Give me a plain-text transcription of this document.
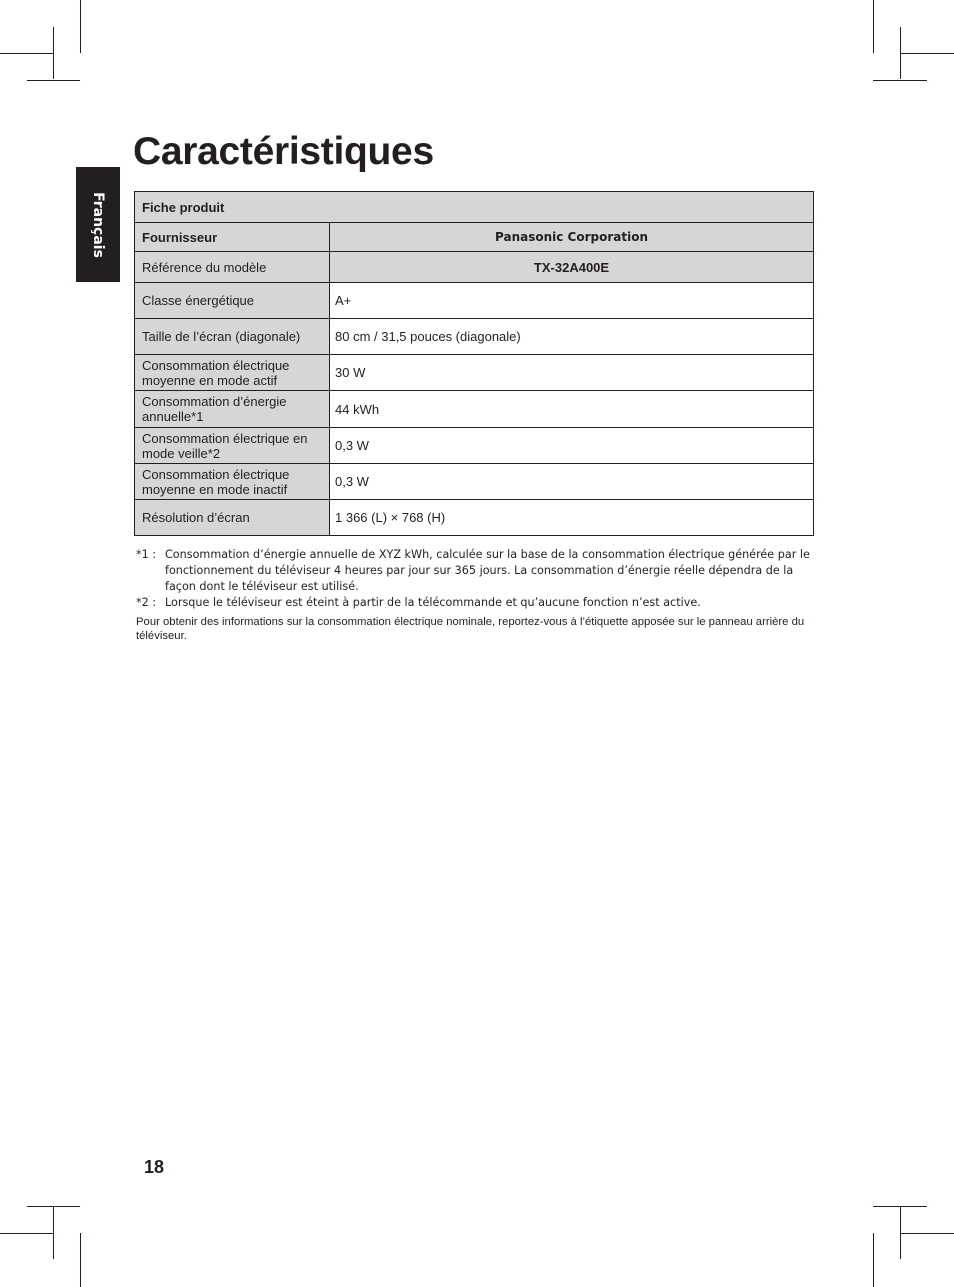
Français
Caractéristiques
Fiche produit	
Fournisseur	Panasonic Corporation
Référence du modèle	TX-32A400E
Classe énergétique	A+
Taille de l’écran (diagonale)	80 cm / 31,5 pouces (diagonale)
Consommation électrique moyenne en mode actif	30 W
Consommation d’énergie annuelle*1	44 kWh
Consommation électrique en mode veille*2	0,3 W
Consommation électrique moyenne en mode inactif	0,3 W
Résolution d’écran	1 366 (L) × 768 (H)
*1 : Consommation d’énergie annuelle de XYZ kWh, calculée sur la base de la consommation électrique générée par le fonctionnement du téléviseur 4 heures par jour sur 365 jours. La consommation d’énergie réelle dépendra de la façon dont le téléviseur est utilisé.
*2 : Lorsque le téléviseur est éteint à partir de la télécommande et qu’aucune fonction n’est active.

Pour obtenir des informations sur la consommation électrique nominale, reportez-vous à l’étiquette apposée sur le panneau arrière du téléviseur.

18
